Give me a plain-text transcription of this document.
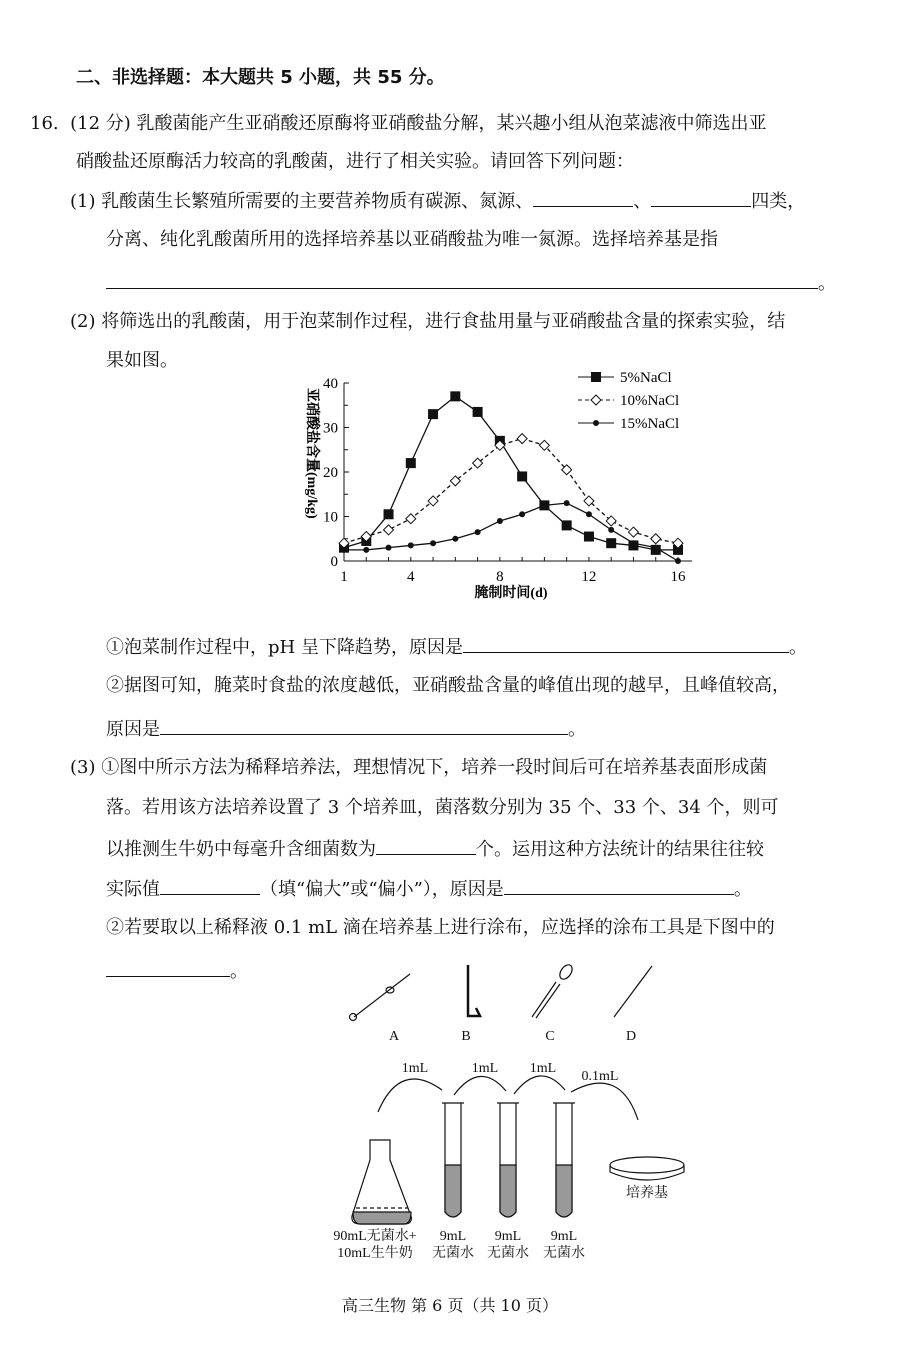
二、非选择题：本大题共 5 小题，共 55 分。
16. (12 分) 乳酸菌能产生亚硝酸还原酶将亚硝酸盐分解，某兴趣小组从泡菜滤液中筛选出亚
硝酸盐还原酶活力较高的乳酸菌，进行了相关实验。请回答下列问题：
(1) 乳酸菌生长繁殖所需要的主要营养物质有碳源、氮源、	、	四类，
分离、纯化乳酸菌所用的选择培养基以亚硝酸盐为唯一氮源。选择培养基是指
。
(2) 将筛选出的乳酸菌，用于泡菜制作过程，进行食盐用量与亚硝酸盐含量的探索实验，结
果如图。
0
10
20
30
40
1	4	8	12	16
腌制时间(d)
亚硝酸盐含量(mg/kg)
5%NaCl
10%NaCl
15%NaCl
①泡菜制作过程中，pH 呈下降趋势，原因是	。
②据图可知，腌菜时食盐的浓度越低，亚硝酸盐含量的峰值出现的越早，且峰值较高，
原因是	。
(3) ①图中所示方法为稀释培养法，理想情况下，培养一段时间后可在培养基表面形成菌
落。若用该方法培养设置了 3 个培养皿，菌落数分别为 35 个、33 个、34 个，则可
以推测生牛奶中每毫升含细菌数为	个。运用这种方法统计的结果往往较
实际值	（填“偏大”或“偏小”），原因是	。
②若要取以上稀释液 0.1 mL 滴在培养基上进行涂布，应选择的涂布工具是下图中的
。
A	B	C	D
1mL	1mL 1mL
0.1mL
培养基
90mL无菌水+
10mL生牛奶
9mL
无菌水
9mL
无菌水
9mL
无菌水
高三生物 第 6 页（共 10 页）
